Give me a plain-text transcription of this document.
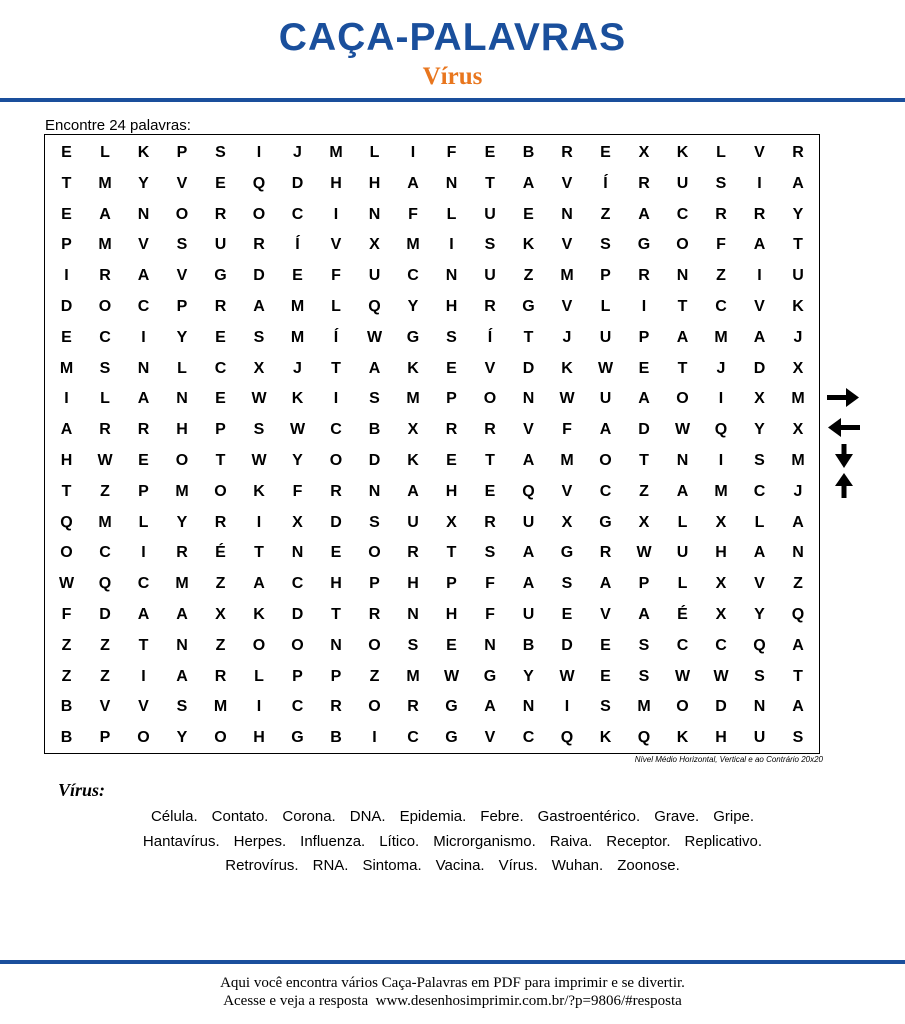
CAÇA-PALAVRAS
Vírus
Encontre 24 palavras:
E	L	K	P	S	I	J	M	L	I	F	E	B	R	E	X	K	L	V	R
T	M	Y	V	E	Q	D	H	H	A	N	T	A	V	Í	R	U	S	I	A
E	A	N	O	R	O	C	I	N	F	L	U	E	N	Z	A	C	R	R	Y
P	M	V	S	U	R	Í	V	X	M	I	S	K	V	S	G	O	F	A	T
I	R	A	V	G	D	E	F	U	C	N	U	Z	M	P	R	N	Z	I	U
D	O	C	P	R	A	M	L	Q	Y	H	R	G	V	L	I	T	C	V	K
E	C	I	Y	E	S	M	Í	W	G	S	Í	T	J	U	P	A	M	A	J
M	S	N	L	C	X	J	T	A	K	E	V	D	K	W	E	T	J	D	X
I	L	A	N	E	W	K	I	S	M	P	O	N	W	U	A	O	I	X	M
A	R	R	H	P	S	W	C	B	X	R	R	V	F	A	D	W	Q	Y	X
H	W	E	O	T	W	Y	O	D	K	E	T	A	M	O	T	N	I	S	M
T	Z	P	M	O	K	F	R	N	A	H	E	Q	V	C	Z	A	M	C	J
Q	M	L	Y	R	I	X	D	S	U	X	R	U	X	G	X	L	X	L	A
O	C	I	R	É	T	N	E	O	R	T	S	A	G	R	W	U	H	A	N
W	Q	C	M	Z	A	C	H	P	H	P	F	A	S	A	P	L	X	V	Z
F	D	A	A	X	K	D	T	R	N	H	F	U	E	V	A	É	X	Y	Q
Z	Z	T	N	Z	O	O	N	O	S	E	N	B	D	E	S	C	C	Q	A
Z	Z	I	A	R	L	P	P	Z	M	W	G	Y	W	E	S	W	W	S	T
B	V	V	S	M	I	C	R	O	R	G	A	N	I	S	M	O	D	N	A
B	P	O	Y	O	H	G	B	I	C	G	V	C	Q	K	Q	K	H	U	S
Nível Médio Horizontal, Vertical e ao Contrário 20x20
Vírus:
Célula. Contato. Corona. DNA. Epidemia. Febre. Gastroentérico. Grave. Gripe.
Hantavírus. Herpes. Influenza. Lítico. Microrganismo. Raiva. Receptor. Replicativo.
Retrovírus. RNA. Sintoma. Vacina. Vírus. Wuhan. Zoonose.
Aqui você encontra vários Caça-Palavras em PDF para imprimir e se divertir.
Acesse e veja a resposta  www.desenhosimprimir.com.br/?p=9806/#resposta
